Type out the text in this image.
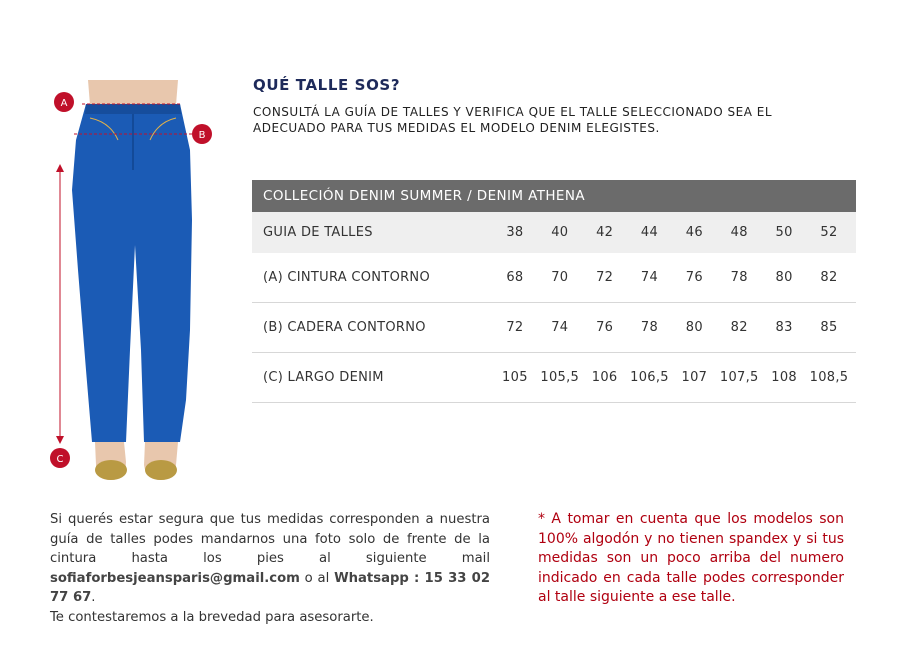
A
B
C
QUÉ TALLE SOS?
CONSULTÁ LA GUÍA DE TALLES Y VERIFICA QUE EL TALLE SELECCIONADO SEA EL ADECUADO PARA TUS MEDIDAS EL MODELO DENIM ELEGISTES.
COLLECIÓN DENIM SUMMER / DENIM ATHENA								
GUIA DE TALLES	38	40	42	44	46	48	50	52
(A) CINTURA CONTORNO	68	70	72	74	76	78	80	82
(B) CADERA CONTORNO	72	74	76	78	80	82	83	85
(C) LARGO DENIM	105	105,5	106	106,5	107	107,5	108	108,5
Si querés estar segura que tus medidas corresponden a nuestra guía de talles podes mandarnos una foto solo de frente de la cintura hasta los pies al siguiente mail sofiaforbesjeansparis@gmail.com o al Whatsapp : 15 33 02 77 67.
Te contestaremos a la brevedad para asesorarte.
* A tomar en cuenta que los modelos son 100% algodón y no tienen spandex y si tus medidas son un poco arriba del numero indicado en cada talle podes corresponder al talle siguiente a ese talle.
